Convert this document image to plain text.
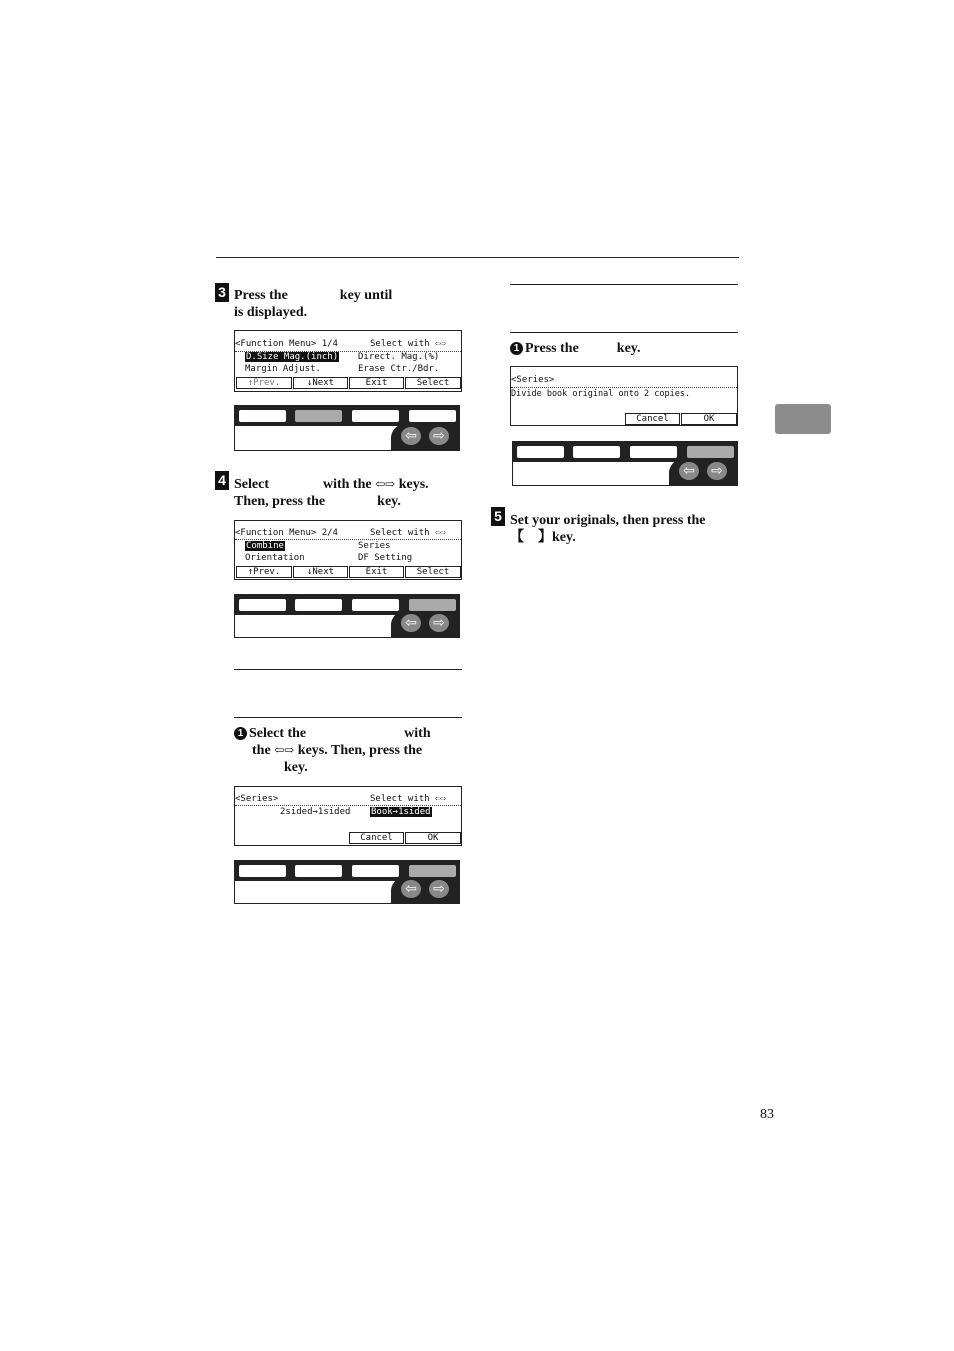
3 Press the	key until
is displayed.
<Function Menu> 1/4	Select with ⇦⇨
D.Size Mag.(inch) Direct. Mag.(%)
Margin Adjust.	Erase Ctr./Bdr.
↑Prev.	↓Next	Exit	Select
⇦ ⇨
4 Select	with the ⇦⇨ keys.
Then, press the	key.
<Function Menu> 2/4	Select with ⇦⇨
Combine	Series
Orientation	DF Setting
↑Prev.	↓Next	Exit	Select
⇦ ⇨
1 Select the	with
the ⇦⇨ keys. Then, press the
key.
<Series>	Select with ⇦⇨
2sided→1sided Book→1sided
Cancel	OK
⇦ ⇨
1 Press the	key.
<Series>
Divide book original onto 2 copies.
Cancel	OK
⇦ ⇨
5 Set your originals, then press the
【 】key.
83
